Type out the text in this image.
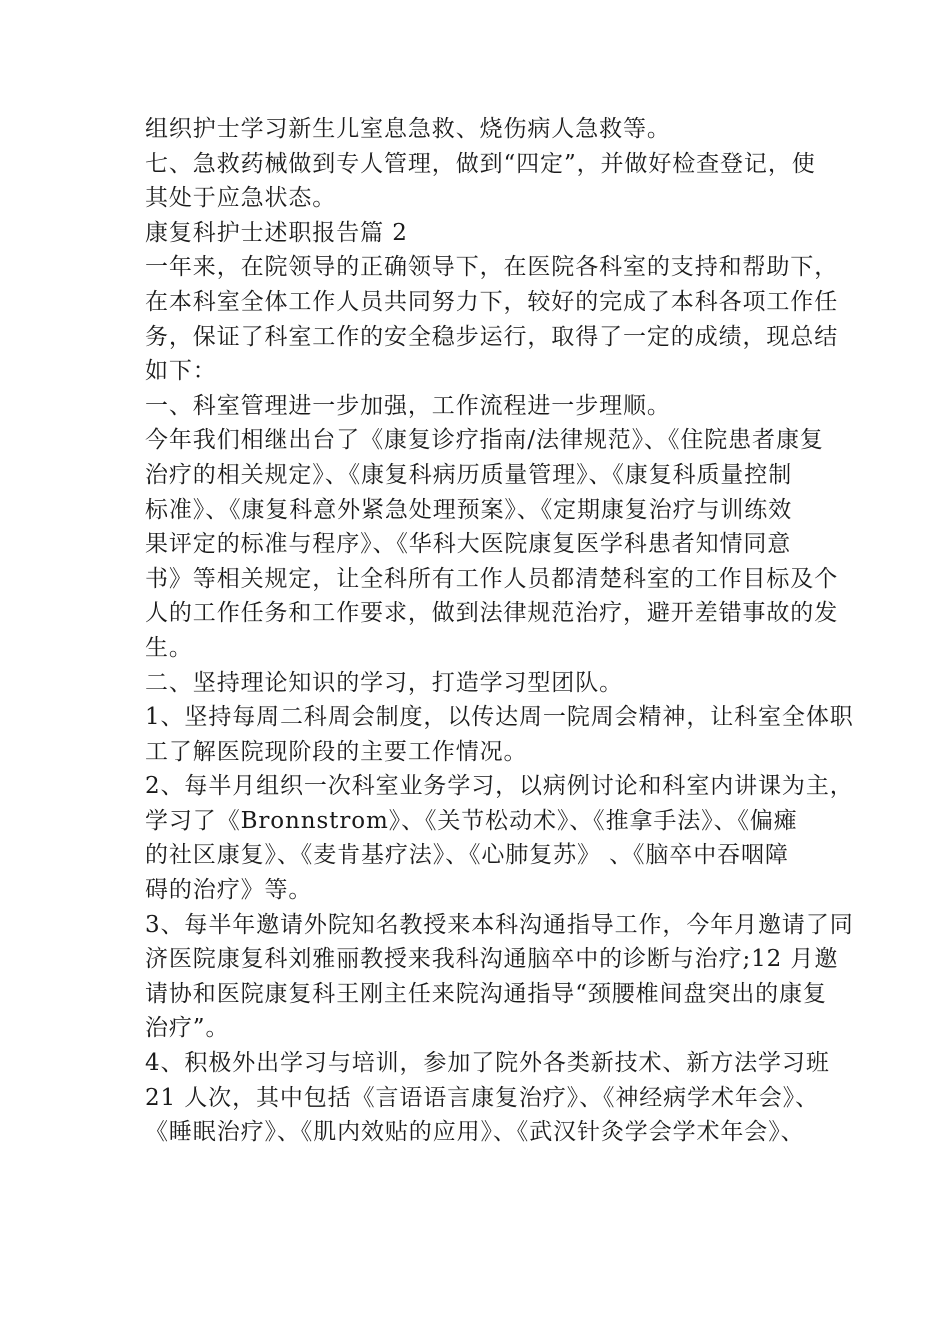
组织护士学习新生儿室息急救、烧伤病人急救等。
七、急救药械做到专人管理，做到“四定”，并做好检查登记，使
其处于应急状态。
康复科护士述职报告篇 2
一年来，在院领导的正确领导下，在医院各科室的支持和帮助下，
在本科室全体工作人员共同努力下，较好的完成了本科各项工作任
务，保证了科室工作的安全稳步运行，取得了一定的成绩，现总结
如下：
一、科室管理进一步加强，工作流程进一步理顺。
今年我们相继出台了《康复诊疗指南/法律规范》、《住院患者康复
治疗的相关规定》、《康复科病历质量管理》、《康复科质量控制
标准》、《康复科意外紧急处理预案》、《定期康复治疗与训练效
果评定的标准与程序》、《华科大医院康复医学科患者知情同意
书》等相关规定，让全科所有工作人员都清楚科室的工作目标及个
人的工作任务和工作要求，做到法律规范治疗，避开差错事故的发
生。
二、坚持理论知识的学习，打造学习型团队。
1、坚持每周二科周会制度，以传达周一院周会精神，让科室全体职
工了解医院现阶段的主要工作情况。
2、每半月组织一次科室业务学习，以病例讨论和科室内讲课为主，
学习了《Bronnstrom》、《关节松动术》、《推拿手法》、《偏瘫
的社区康复》、《麦肯基疗法》、《心肺复苏》 、《脑卒中吞咽障
碍的治疗》等。
3、每半年邀请外院知名教授来本科沟通指导工作，今年月邀请了同
济医院康复科刘雅丽教授来我科沟通脑卒中的诊断与治疗;12 月邀
请协和医院康复科王刚主任来院沟通指导“颈腰椎间盘突出的康复
治疗”。
4、积极外出学习与培训，参加了院外各类新技术、新方法学习班
21 人次，其中包括《言语语言康复治疗》、《神经病学术年会》、
《睡眠治疗》、《肌内效贴的应用》、《武汉针灸学会学术年会》、
